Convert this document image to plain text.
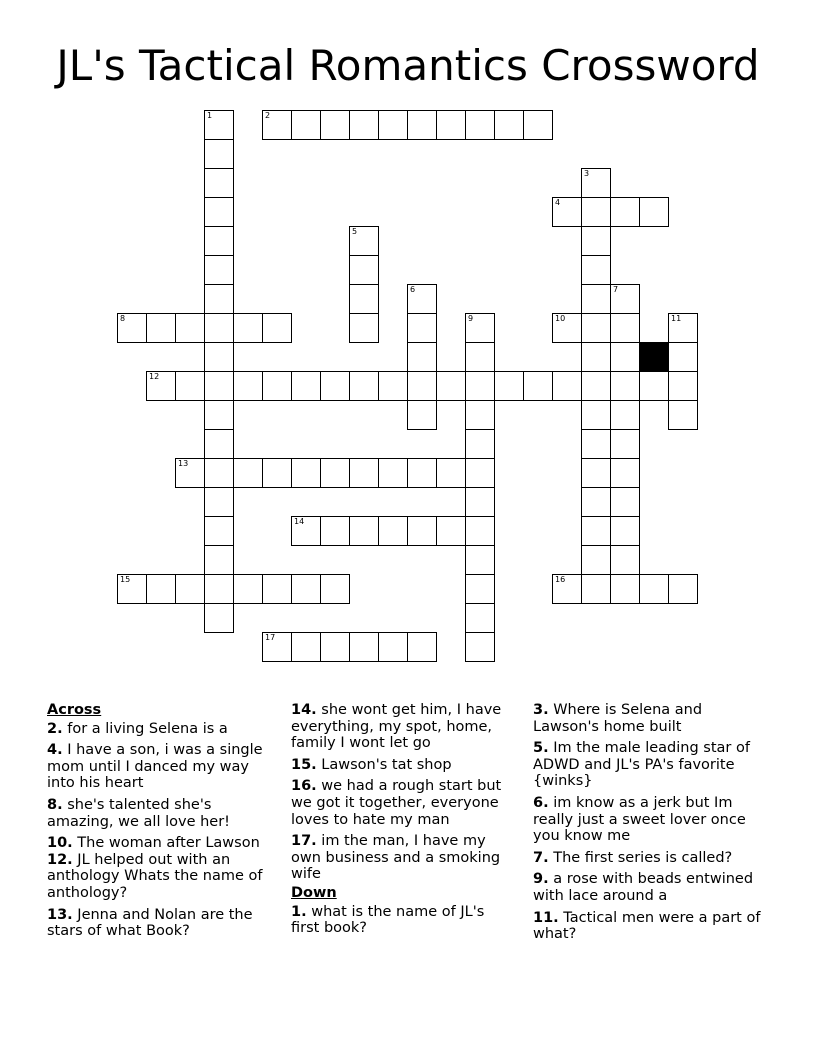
JL's Tactical Romantics Crossword
2
4
8	10
12
13
14
15	16
17
1
3
5
6	7
9	11
Across
2. for a living Selena is a
4. I have a son, i was a single mom until I danced my way into his heart
8. she's talented she's amazing, we all love her!
10. The woman after Lawson
12. JL helped out with an anthology Whats the name of anthology?
13. Jenna and Nolan are the stars of what Book?
14. she wont get him, I have everything, my spot, home, family I wont let go
15. Lawson's tat shop
16. we had a rough start but we got it together, everyone loves to hate my man
17. im the man, I have my own business and a smoking wife
Down
1. what is the name of JL's first book?
3. Where is Selena and Lawson's home built
5. Im the male leading star of ADWD and JL's PA's favorite {winks}
6. im know as a jerk but Im really just a sweet lover once you know me
7. The first series is called?
9. a rose with beads entwined with lace around a
11. Tactical men were a part of what?
